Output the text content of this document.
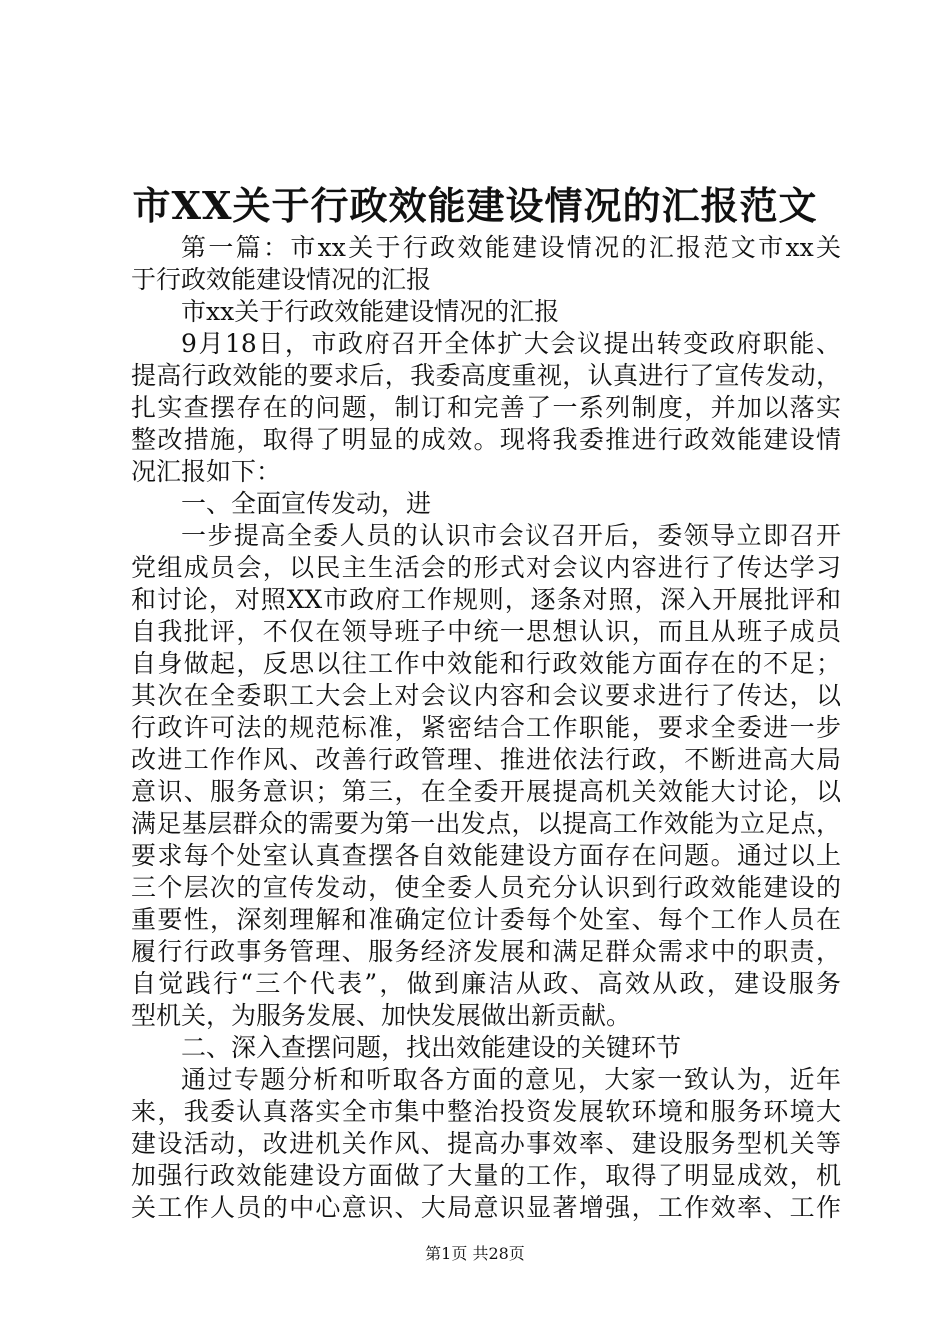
市XX关于行政效能建设情况的汇报范文
第一篇：市xx关于行政效能建设情况的汇报范文市xx关
于行政效能建设情况的汇报
市xx关于行政效能建设情况的汇报
9月18日，市政府召开全体扩大会议提出转变政府职能、
提高行政效能的要求后，我委高度重视，认真进行了宣传发动，
扎实查摆存在的问题，制订和完善了一系列制度，并加以落实
整改措施，取得了明显的成效。现将我委推进行政效能建设情
况汇报如下：
一、全面宣传发动，进
一步提高全委人员的认识市会议召开后，委领导立即召开
党组成员会，以民主生活会的形式对会议内容进行了传达学习
和讨论，对照XX市政府工作规则，逐条对照，深入开展批评和
自我批评，不仅在领导班子中统一思想认识，而且从班子成员
自身做起，反思以往工作中效能和行政效能方面存在的不足；
其次在全委职工大会上对会议内容和会议要求进行了传达，以
行政许可法的规范标准，紧密结合工作职能，要求全委进一步
改进工作作风、改善行政管理、推进依法行政，不断进高大局
意识、服务意识；第三，在全委开展提高机关效能大讨论，以
满足基层群众的需要为第一出发点，以提高工作效能为立足点，
要求每个处室认真查摆各自效能建设方面存在问题。通过以上
三个层次的宣传发动，使全委人员充分认识到行政效能建设的
重要性，深刻理解和准确定位计委每个处室、每个工作人员在
履行行政事务管理、服务经济发展和满足群众需求中的职责，
自觉践行“三个代表”，做到廉洁从政、高效从政，建设服务
型机关，为服务发展、加快发展做出新贡献。
二、深入查摆问题，找出效能建设的关键环节
通过专题分析和听取各方面的意见，大家一致认为，近年
来，我委认真落实全市集中整治投资发展软环境和服务环境大
建设活动，改进机关作风、提高办事效率、建设服务型机关等
加强行政效能建设方面做了大量的工作，取得了明显成效，机
关工作人员的中心意识、大局意识显著增强，工作效率、工作
第1页 共28页
